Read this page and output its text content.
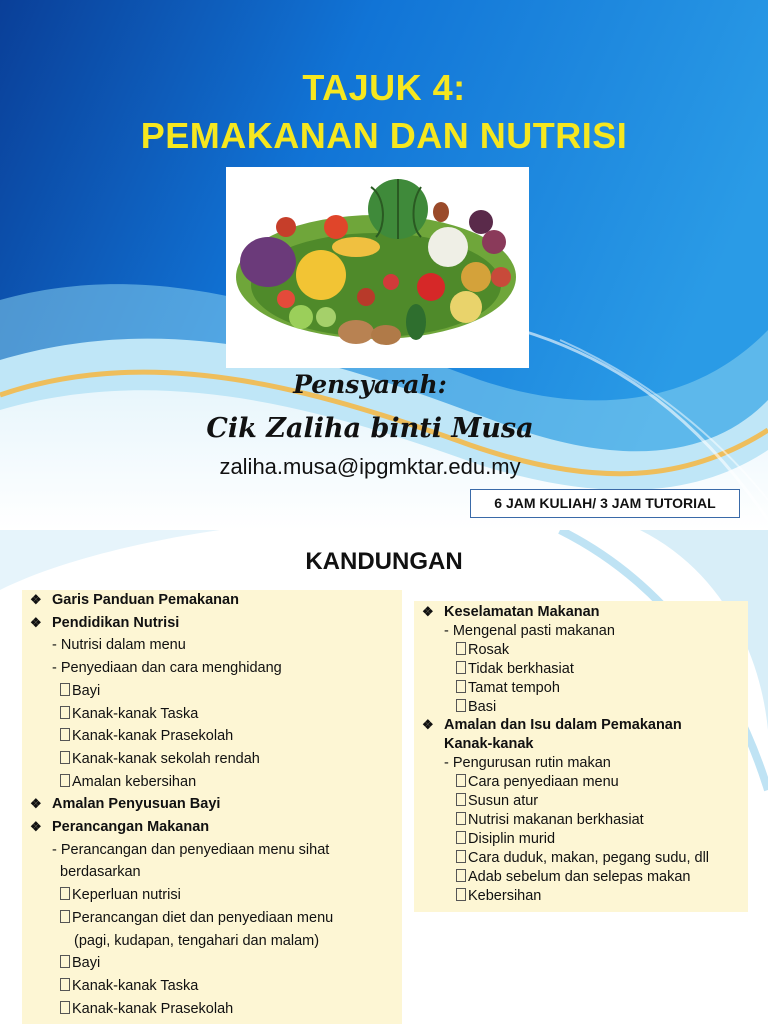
TAJUK 4:
PEMAKANAN DAN NUTRISI
Pensyarah:
Cik Zaliha binti Musa
zaliha.musa@ipgmktar.edu.my
6 JAM KULIAH/ 3 JAM TUTORIAL
KANDUNGAN
❖ Garis Panduan Pemakanan
❖ Pendidikan Nutrisi
- Nutrisi dalam menu
- Penyediaan dan cara menghidang
Bayi
Kanak-kanak Taska
Kanak-kanak Prasekolah
Kanak-kanak sekolah rendah
Amalan kebersihan
❖ Amalan Penyusuan Bayi
❖ Perancangan Makanan
- Perancangan dan penyediaan menu sihat
berdasarkan
Keperluan nutrisi
Perancangan diet dan penyediaan menu
(pagi, kudapan, tengahari dan malam)
Bayi
Kanak-kanak Taska
Kanak-kanak Prasekolah
❖ Keselamatan Makanan
- Mengenal pasti makanan
Rosak
Tidak berkhasiat
Tamat tempoh
Basi
❖ Amalan dan Isu dalam Pemakanan
Kanak-kanak
- Pengurusan rutin makan
Cara penyediaan menu
Susun atur
Nutrisi makanan berkhasiat
Disiplin murid
Cara duduk, makan, pegang sudu, dll
Adab sebelum dan selepas makan
Kebersihan
